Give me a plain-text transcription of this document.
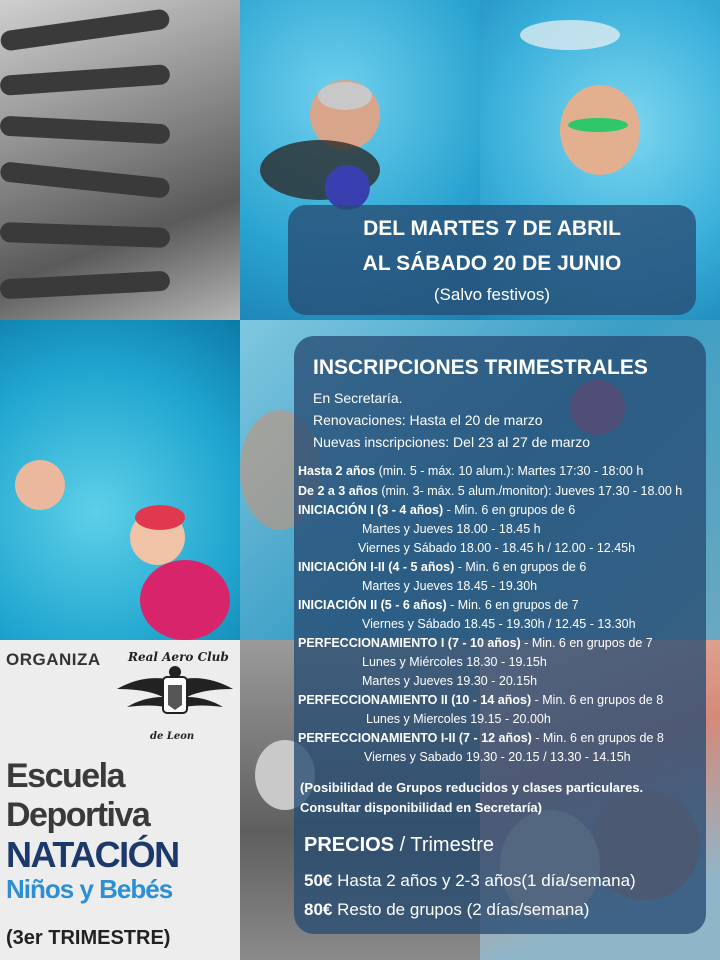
ORGANIZA Real Aero Club
de Leon
Escuela
Deportiva
NATACIÓN
Niños y Bebés
(3er TRIMESTRE)
DEL MARTES 7 DE ABRIL
AL SÁBADO 20 DE JUNIO
(Salvo festivos)
INSCRIPCIONES TRIMESTRALES
En Secretaría.
Renovaciones: Hasta el 20 de marzo
Nuevas inscripciones: Del 23 al 27 de marzo
Hasta 2 años (min. 5 - máx. 10 alum.): Martes 17:30 - 18:00 h
De 2 a 3 años (min. 3- máx. 5 alum./monitor): Jueves 17.30 - 18.00 h
INICIACIÓN I (3 - 4 años) - Min. 6 en grupos de 6
Martes y Jueves 18.00 - 18.45 h
Viernes y Sábado 18.00 - 18.45 h / 12.00 - 12.45h
INICIACIÓN I-II (4 - 5 años) - Min. 6 en grupos de 6
Martes y Jueves 18.45 - 19.30h
INICIACIÓN II (5 - 6 años) - Min. 6 en grupos de 7
Viernes y Sábado 18.45 - 19.30h / 12.45 - 13.30h
PERFECCIONAMIENTO I (7 - 10 años) - Min. 6 en grupos de 7
Lunes y Miércoles 18.30 - 19.15h
Martes y Jueves 19.30 - 20.15h
PERFECCIONAMIENTO II (10 - 14 años) - Min. 6 en grupos de 8
Lunes y Miercoles 19.15 - 20.00h
PERFECCIONAMIENTO I-II (7 - 12 años) - Min. 6 en grupos de 8
Viernes y Sabado 19.30 - 20.15 / 13.30 - 14.15h
(Posibilidad de Grupos reducidos y clases particulares.
Consultar disponibilidad en Secretaría)
PRECIOS / Trimestre
50€ Hasta 2 años y 2-3 años(1 día/semana)
80€ Resto de grupos (2 días/semana)
